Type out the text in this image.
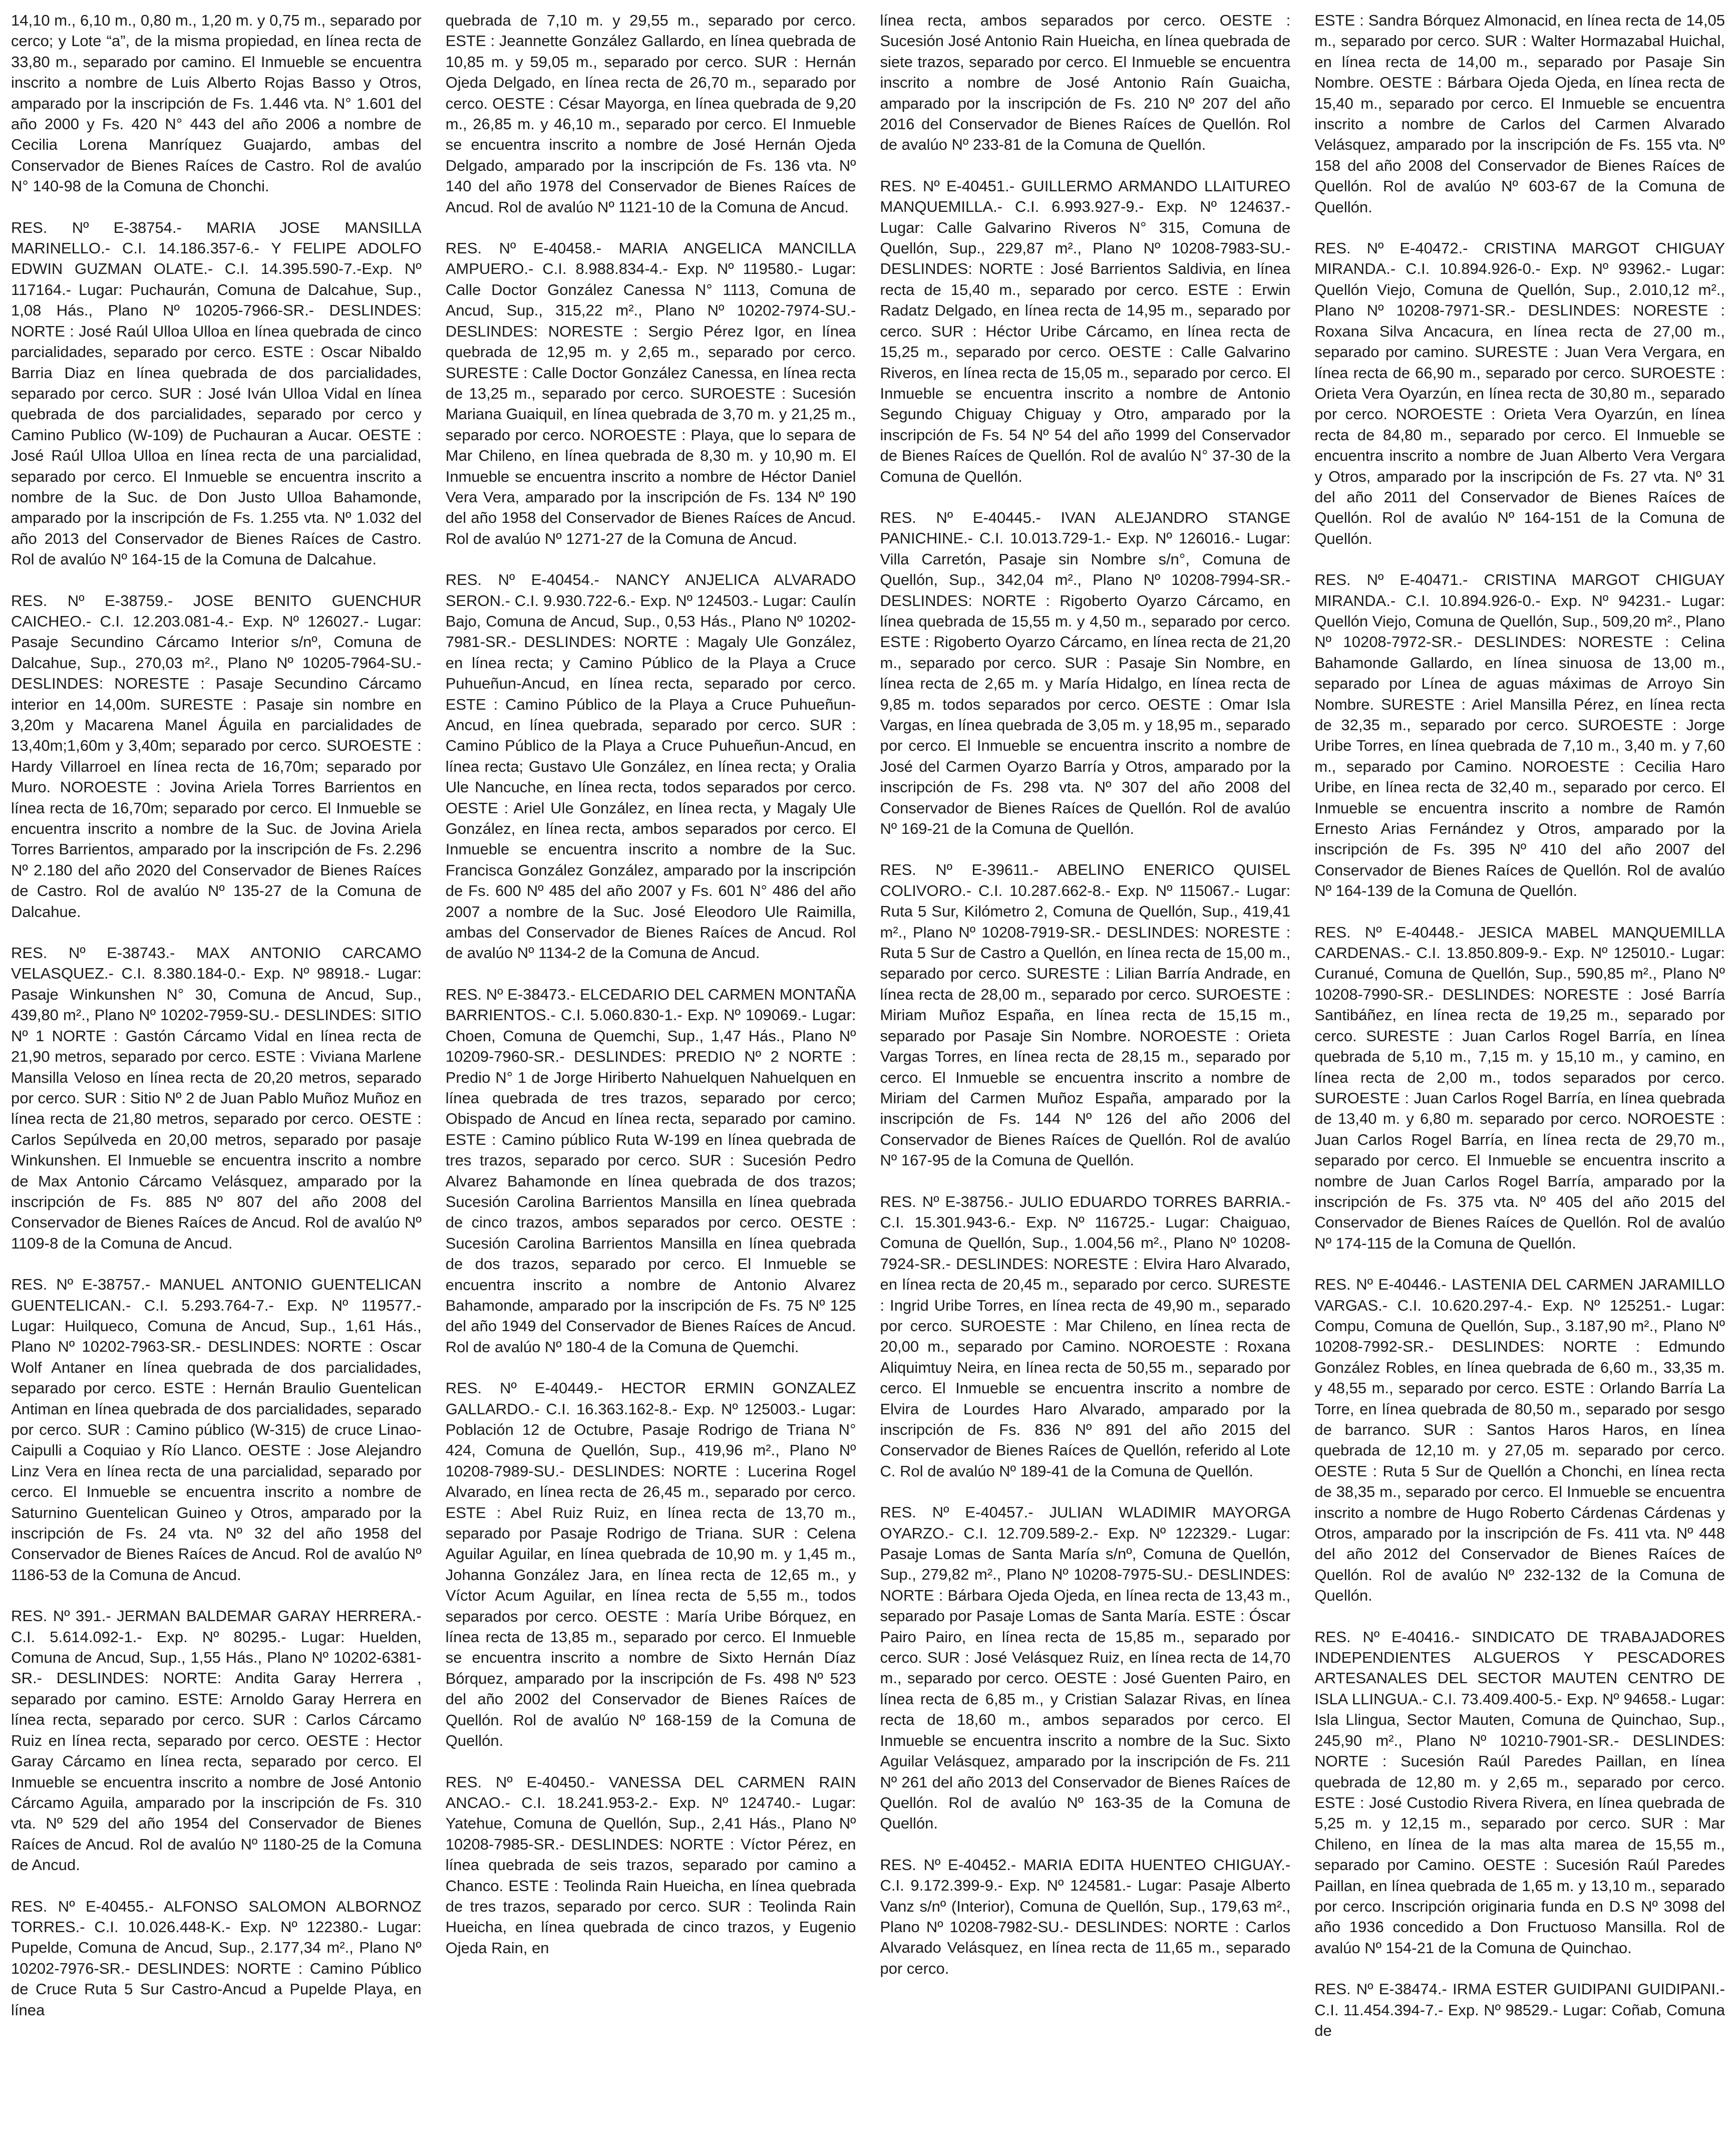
14,10 m., 6,10 m., 0,80 m., 1,20 m. y 0,75 m., separado por cerco; y Lote “a”, de la misma propiedad, en línea recta de 33,80 m., separado por camino. El Inmueble se encuentra inscrito a nombre de Luis Alberto Rojas Basso y Otros, amparado por la inscripción de Fs. 1.446 vta. N° 1.601 del año 2000 y Fs. 420 N° 443 del año 2006 a nombre de Cecilia Lorena Manríquez Guajardo, ambas del Conservador de Bienes Raíces de Castro. Rol de avalúo N° 140-98 de la Comuna de Chonchi.

RES. Nº E-38754.- MARIA JOSE MANSILLA MARINELLO.- C.I. 14.186.357-6.- Y FELIPE ADOLFO EDWIN GUZMAN OLATE.- C.I. 14.395.590-7.-Exp. Nº 117164.- Lugar: Puchaurán, Comuna de Dalcahue, Sup., 1,08 Hás., Plano Nº 10205-7966-SR.- DESLINDES: NORTE : José Raúl Ulloa Ulloa en línea quebrada de cinco parcialidades, separado por cerco. ESTE : Oscar Nibaldo Barria Diaz en línea quebrada de dos parcialidades, separado por cerco. SUR : José Iván Ulloa Vidal en línea quebrada de dos parcialidades, separado por cerco y Camino Publico (W-109) de Puchauran a Aucar. OESTE : José Raúl Ulloa Ulloa en línea recta de una parcialidad, separado por cerco. El Inmueble se encuentra inscrito a nombre de la Suc. de Don Justo Ulloa Bahamonde, amparado por la inscripción de Fs. 1.255 vta. Nº 1.032 del año 2013 del Conservador de Bienes Raíces de Castro. Rol de avalúo Nº 164-15 de la Comuna de Dalcahue.

RES. Nº E-38759.- JOSE BENITO GUENCHUR CAICHEO.- C.I. 12.203.081-4.- Exp. Nº 126027.- Lugar: Pasaje Secundino Cárcamo Interior s/nº, Comuna de Dalcahue, Sup., 270,03 m²., Plano Nº 10205-7964-SU.- DESLINDES: NORESTE : Pasaje Secundino Cárcamo interior en 14,00m. SURESTE : Pasaje sin nombre en 3,20m y Macarena Manel Águila en parcialidades de 13,40m;1,60m y 3,40m; separado por cerco. SUROESTE : Hardy Villarroel en línea recta de 16,70m; separado por Muro. NOROESTE : Jovina Ariela Torres Barrientos en línea recta de 16,70m; separado por cerco. El Inmueble se encuentra inscrito a nombre de la Suc. de Jovina Ariela Torres Barrientos, amparado por la inscripción de Fs. 2.296 Nº 2.180 del año 2020 del Conservador de Bienes Raíces de Castro. Rol de avalúo Nº 135-27 de la Comuna de Dalcahue.

RES. Nº E-38743.- MAX ANTONIO CARCAMO VELASQUEZ.- C.I. 8.380.184-0.- Exp. Nº 98918.- Lugar: Pasaje Winkunshen N° 30, Comuna de Ancud, Sup., 439,80 m²., Plano Nº 10202-7959-SU.- DESLINDES: SITIO Nº 1 NORTE : Gastón Cárcamo Vidal en línea recta de 21,90 metros, separado por cerco. ESTE : Viviana Marlene Mansilla Veloso en línea recta de 20,20 metros, separado por cerco. SUR : Sitio Nº 2 de Juan Pablo Muñoz Muñoz en línea recta de 21,80 metros, separado por cerco. OESTE : Carlos Sepúlveda en 20,00 metros, separado por pasaje Winkunshen. El Inmueble se encuentra inscrito a nombre de Max Antonio Cárcamo Velásquez, amparado por la inscripción de Fs. 885 Nº 807 del año 2008 del Conservador de Bienes Raíces de Ancud. Rol de avalúo Nº 1109-8 de la Comuna de Ancud.

RES. Nº E-38757.- MANUEL ANTONIO GUENTELICAN GUENTELICAN.- C.I. 5.293.764-7.- Exp. Nº 119577.- Lugar: Huilqueco, Comuna de Ancud, Sup., 1,61 Hás., Plano Nº 10202-7963-SR.- DESLINDES: NORTE : Oscar Wolf Antaner en línea quebrada de dos parcialidades, separado por cerco. ESTE : Hernán Braulio Guentelican Antiman en línea quebrada de dos parcialidades, separado por cerco. SUR : Camino público (W-315) de cruce Linao-Caipulli a Coquiao y Río Llanco. OESTE : Jose Alejandro Linz Vera en línea recta de una parcialidad, separado por cerco. El Inmueble se encuentra inscrito a nombre de Saturnino Guentelican Guineo y Otros, amparado por la inscripción de Fs. 24 vta. Nº 32 del año 1958 del Conservador de Bienes Raíces de Ancud. Rol de avalúo Nº 1186-53 de la Comuna de Ancud.

RES. Nº 391.- JERMAN BALDEMAR GARAY HERRERA.- C.I. 5.614.092-1.- Exp. Nº 80295.- Lugar: Huelden, Comuna de Ancud, Sup., 1,55 Hás., Plano Nº 10202-6381-SR.- DESLINDES: NORTE: Andita Garay Herrera , separado por camino. ESTE: Arnoldo Garay Herrera en línea recta, separado por cerco. SUR : Carlos Cárcamo Ruiz en línea recta, separado por cerco. OESTE : Hector Garay Cárcamo en línea recta, separado por cerco. El Inmueble se encuentra inscrito a nombre de José Antonio Cárcamo Aguila, amparado por la inscripción de Fs. 310 vta. Nº 529 del año 1954 del Conservador de Bienes Raíces de Ancud. Rol de avalúo Nº 1180-25 de la Comuna de Ancud.

RES. Nº E-40455.- ALFONSO SALOMON ALBORNOZ TORRES.- C.I. 10.026.448-K.- Exp. Nº 122380.- Lugar: Pupelde, Comuna de Ancud, Sup., 2.177,34 m²., Plano Nº 10202-7976-SR.- DESLINDES: NORTE : Camino Público de Cruce Ruta 5 Sur Castro-Ancud a Pupelde Playa, en línea

quebrada de 7,10 m. y 29,55 m., separado por cerco. ESTE : Jeannette González Gallardo, en línea quebrada de 10,85 m. y 59,05 m., separado por cerco. SUR : Hernán Ojeda Delgado, en línea recta de 26,70 m., separado por cerco. OESTE : César Mayorga, en línea quebrada de 9,20 m., 26,85 m. y 46,10 m., separado por cerco. El Inmueble se encuentra inscrito a nombre de José Hernán Ojeda Delgado, amparado por la inscripción de Fs. 136 vta. Nº 140 del año 1978 del Conservador de Bienes Raíces de Ancud. Rol de avalúo Nº 1121-10 de la Comuna de Ancud.

RES. Nº E-40458.- MARIA ANGELICA MANCILLA AMPUERO.- C.I. 8.988.834-4.- Exp. Nº 119580.- Lugar: Calle Doctor González Canessa N° 1113, Comuna de Ancud, Sup., 315,22 m²., Plano Nº 10202-7974-SU.- DESLINDES: NORESTE : Sergio Pérez Igor, en línea quebrada de 12,95 m. y 2,65 m., separado por cerco. SURESTE : Calle Doctor González Canessa, en línea recta de 13,25 m., separado por cerco. SUROESTE : Sucesión Mariana Guaiquil, en línea quebrada de 3,70 m. y 21,25 m., separado por cerco. NOROESTE : Playa, que lo separa de Mar Chileno, en línea quebrada de 8,30 m. y 10,90 m. El Inmueble se encuentra inscrito a nombre de Héctor Daniel Vera Vera, amparado por la inscripción de Fs. 134 Nº 190 del año 1958 del Conservador de Bienes Raíces de Ancud. Rol de avalúo Nº 1271-27 de la Comuna de Ancud.

RES. Nº E-40454.- NANCY ANJELICA ALVARADO SERON.- C.I. 9.930.722-6.- Exp. Nº 124503.- Lugar: Caulín Bajo, Comuna de Ancud, Sup., 0,53 Hás., Plano Nº 10202-7981-SR.- DESLINDES: NORTE : Magaly Ule González, en línea recta; y Camino Público de la Playa a Cruce Puhueñun-Ancud, en línea recta, separado por cerco. ESTE : Camino Público de la Playa a Cruce Puhueñun-Ancud, en línea quebrada, separado por cerco. SUR : Camino Público de la Playa a Cruce Puhueñun-Ancud, en línea recta; Gustavo Ule González, en línea recta; y Oralia Ule Nancuche, en línea recta, todos separados por cerco. OESTE : Ariel Ule González, en línea recta, y Magaly Ule González, en línea recta, ambos separados por cerco. El Inmueble se encuentra inscrito a nombre de la Suc. Francisca González González, amparado por la inscripción de Fs. 600 Nº 485 del año 2007 y Fs. 601 N° 486 del año 2007 a nombre de la Suc. José Eleodoro Ule Raimilla, ambas del Conservador de Bienes Raíces de Ancud. Rol de avalúo Nº 1134-2 de la Comuna de Ancud.

RES. Nº E-38473.- ELCEDARIO DEL CARMEN MONTAÑA BARRIENTOS.- C.I. 5.060.830-1.- Exp. Nº 109069.- Lugar: Choen, Comuna de Quemchi, Sup., 1,47 Hás., Plano Nº 10209-7960-SR.- DESLINDES: PREDIO Nº 2 NORTE : Predio N° 1 de Jorge Hiriberto Nahuelquen Nahuelquen en línea quebrada de tres trazos, separado por cerco; Obispado de Ancud en línea recta, separado por camino. ESTE : Camino público Ruta W-199 en línea quebrada de tres trazos, separado por cerco. SUR : Sucesión Pedro Alvarez Bahamonde en línea quebrada de dos trazos; Sucesión Carolina Barrientos Mansilla en línea quebrada de cinco trazos, ambos separados por cerco. OESTE : Sucesión Carolina Barrientos Mansilla en línea quebrada de dos trazos, separado por cerco. El Inmueble se encuentra inscrito a nombre de Antonio Alvarez Bahamonde, amparado por la inscripción de Fs. 75 Nº 125 del año 1949 del Conservador de Bienes Raíces de Ancud. Rol de avalúo Nº 180-4 de la Comuna de Quemchi.

RES. Nº E-40449.- HECTOR ERMIN GONZALEZ GALLARDO.- C.I. 16.363.162-8.- Exp. Nº 125003.- Lugar: Población 12 de Octubre, Pasaje Rodrigo de Triana N° 424, Comuna de Quellón, Sup., 419,96 m²., Plano Nº 10208-7989-SU.- DESLINDES: NORTE : Lucerina Rogel Alvarado, en línea recta de 26,45 m., separado por cerco. ESTE : Abel Ruiz Ruiz, en línea recta de 13,70 m., separado por Pasaje Rodrigo de Triana. SUR : Celena Aguilar Aguilar, en línea quebrada de 10,90 m. y 1,45 m., Johanna González Jara, en línea recta de 12,65 m., y Víctor Acum Aguilar, en línea recta de 5,55 m., todos separados por cerco. OESTE : María Uribe Bórquez, en línea recta de 13,85 m., separado por cerco. El Inmueble se encuentra inscrito a nombre de Sixto Hernán Díaz Bórquez, amparado por la inscripción de Fs. 498 Nº 523 del año 2002 del Conservador de Bienes Raíces de Quellón. Rol de avalúo Nº 168-159 de la Comuna de Quellón.

RES. Nº E-40450.- VANESSA DEL CARMEN RAIN ANCAO.- C.I. 18.241.953-2.- Exp. Nº 124740.- Lugar: Yatehue, Comuna de Quellón, Sup., 2,41 Hás., Plano Nº 10208-7985-SR.- DESLINDES: NORTE : Víctor Pérez, en línea quebrada de seis trazos, separado por camino a Chanco. ESTE : Teolinda Rain Hueicha, en línea quebrada de tres trazos, separado por cerco. SUR : Teolinda Rain Hueicha, en línea quebrada de cinco trazos, y Eugenio Ojeda Rain, en

línea recta, ambos separados por cerco. OESTE : Sucesión José Antonio Rain Hueicha, en línea quebrada de siete trazos, separado por cerco. El Inmueble se encuentra inscrito a nombre de José Antonio Raín Guaicha, amparado por la inscripción de Fs. 210 Nº 207 del año 2016 del Conservador de Bienes Raíces de Quellón. Rol de avalúo Nº 233-81 de la Comuna de Quellón.

RES. Nº E-40451.- GUILLERMO ARMANDO LLAITUREO MANQUEMILLA.- C.I. 6.993.927-9.- Exp. Nº 124637.- Lugar: Calle Galvarino Riveros N° 315, Comuna de Quellón, Sup., 229,87 m²., Plano Nº 10208-7983-SU.- DESLINDES: NORTE : José Barrientos Saldivia, en línea recta de 15,40 m., separado por cerco. ESTE : Erwin Radatz Delgado, en línea recta de 14,95 m., separado por cerco. SUR : Héctor Uribe Cárcamo, en línea recta de 15,25 m., separado por cerco. OESTE : Calle Galvarino Riveros, en línea recta de 15,05 m., separado por cerco. El Inmueble se encuentra inscrito a nombre de Antonio Segundo Chiguay Chiguay y Otro, amparado por la inscripción de Fs. 54 Nº 54 del año 1999 del Conservador de Bienes Raíces de Quellón. Rol de avalúo N° 37-30 de la Comuna de Quellón.

RES. Nº E-40445.- IVAN ALEJANDRO STANGE PANICHINE.- C.I. 10.013.729-1.- Exp. Nº 126016.- Lugar: Villa Carretón, Pasaje sin Nombre s/n°, Comuna de Quellón, Sup., 342,04 m²., Plano Nº 10208-7994-SR.- DESLINDES: NORTE : Rigoberto Oyarzo Cárcamo, en línea quebrada de 15,55 m. y 4,50 m., separado por cerco. ESTE : Rigoberto Oyarzo Cárcamo, en línea recta de 21,20 m., separado por cerco. SUR : Pasaje Sin Nombre, en línea recta de 2,65 m. y María Hidalgo, en línea recta de 9,85 m. todos separados por cerco. OESTE : Omar Isla Vargas, en línea quebrada de 3,05 m. y 18,95 m., separado por cerco. El Inmueble se encuentra inscrito a nombre de José del Carmen Oyarzo Barría y Otros, amparado por la inscripción de Fs. 298 vta. Nº 307 del año 2008 del Conservador de Bienes Raíces de Quellón. Rol de avalúo Nº 169-21 de la Comuna de Quellón.

RES. Nº E-39611.- ABELINO ENERICO QUISEL COLIVORO.- C.I. 10.287.662-8.- Exp. Nº 115067.- Lugar: Ruta 5 Sur, Kilómetro 2, Comuna de Quellón, Sup., 419,41 m²., Plano Nº 10208-7919-SR.- DESLINDES: NORESTE : Ruta 5 Sur de Castro a Quellón, en línea recta de 15,00 m., separado por cerco. SURESTE : Lilian Barría Andrade, en línea recta de 28,00 m., separado por cerco. SUROESTE : Miriam Muñoz España, en línea recta de 15,15 m., separado por Pasaje Sin Nombre. NOROESTE : Orieta Vargas Torres, en línea recta de 28,15 m., separado por cerco. El Inmueble se encuentra inscrito a nombre de Miriam del Carmen Muñoz España, amparado por la inscripción de Fs. 144 Nº 126 del año 2006 del Conservador de Bienes Raíces de Quellón. Rol de avalúo Nº 167-95 de la Comuna de Quellón.

RES. Nº E-38756.- JULIO EDUARDO TORRES BARRIA.- C.I. 15.301.943-6.- Exp. Nº 116725.- Lugar: Chaiguao, Comuna de Quellón, Sup., 1.004,56 m²., Plano Nº 10208-7924-SR.- DESLINDES: NORESTE : Elvira Haro Alvarado, en línea recta de 20,45 m., separado por cerco. SURESTE : Ingrid Uribe Torres, en línea recta de 49,90 m., separado por cerco. SUROESTE : Mar Chileno, en línea recta de 20,00 m., separado por Camino. NOROESTE : Roxana Aliquimtuy Neira, en línea recta de 50,55 m., separado por cerco. El Inmueble se encuentra inscrito a nombre de Elvira de Lourdes Haro Alvarado, amparado por la inscripción de Fs. 836 Nº 891 del año 2015 del Conservador de Bienes Raíces de Quellón, referido al Lote C. Rol de avalúo Nº 189-41 de la Comuna de Quellón.

RES. Nº E-40457.- JULIAN WLADIMIR MAYORGA OYARZO.- C.I. 12.709.589-2.- Exp. Nº 122329.- Lugar: Pasaje Lomas de Santa María s/nº, Comuna de Quellón, Sup., 279,82 m²., Plano Nº 10208-7975-SU.- DESLINDES: NORTE : Bárbara Ojeda Ojeda, en línea recta de 13,43 m., separado por Pasaje Lomas de Santa María. ESTE : Óscar Pairo Pairo, en línea recta de 15,85 m., separado por cerco. SUR : José Velásquez Ruiz, en línea recta de 14,70 m., separado por cerco. OESTE : José Guenten Pairo, en línea recta de 6,85 m., y Cristian Salazar Rivas, en línea recta de 18,60 m., ambos separados por cerco. El Inmueble se encuentra inscrito a nombre de la Suc. Sixto Aguilar Velásquez, amparado por la inscripción de Fs. 211 Nº 261 del año 2013 del Conservador de Bienes Raíces de Quellón. Rol de avalúo Nº 163-35 de la Comuna de Quellón.

RES. Nº E-40452.- MARIA EDITA HUENTEO CHIGUAY.- C.I. 9.172.399-9.- Exp. Nº 124581.- Lugar: Pasaje Alberto Vanz s/nº (Interior), Comuna de Quellón, Sup., 179,63 m²., Plano Nº 10208-7982-SU.- DESLINDES: NORTE : Carlos Alvarado Velásquez, en línea recta de 11,65 m., separado por cerco.

ESTE : Sandra Bórquez Almonacid, en línea recta de 14,05 m., separado por cerco. SUR : Walter Hormazabal Huichal, en línea recta de 14,00 m., separado por Pasaje Sin Nombre. OESTE : Bárbara Ojeda Ojeda, en línea recta de 15,40 m., separado por cerco. El Inmueble se encuentra inscrito a nombre de Carlos del Carmen Alvarado Velásquez, amparado por la inscripción de Fs. 155 vta. Nº 158 del año 2008 del Conservador de Bienes Raíces de Quellón. Rol de avalúo Nº 603-67 de la Comuna de Quellón.

RES. Nº E-40472.- CRISTINA MARGOT CHIGUAY MIRANDA.- C.I. 10.894.926-0.- Exp. Nº 93962.- Lugar: Quellón Viejo, Comuna de Quellón, Sup., 2.010,12 m²., Plano Nº 10208-7971-SR.- DESLINDES: NORESTE : Roxana Silva Ancacura, en línea recta de 27,00 m., separado por camino. SURESTE : Juan Vera Vergara, en línea recta de 66,90 m., separado por cerco. SUROESTE : Orieta Vera Oyarzún, en línea recta de 30,80 m., separado por cerco. NOROESTE : Orieta Vera Oyarzún, en línea recta de 84,80 m., separado por cerco. El Inmueble se encuentra inscrito a nombre de Juan Alberto Vera Vergara y Otros, amparado por la inscripción de Fs. 27 vta. Nº 31 del año 2011 del Conservador de Bienes Raíces de Quellón. Rol de avalúo Nº 164-151 de la Comuna de Quellón.

RES. Nº E-40471.- CRISTINA MARGOT CHIGUAY MIRANDA.- C.I. 10.894.926-0.- Exp. Nº 94231.- Lugar: Quellón Viejo, Comuna de Quellón, Sup., 509,20 m²., Plano Nº 10208-7972-SR.- DESLINDES: NORESTE : Celina Bahamonde Gallardo, en línea sinuosa de 13,00 m., separado por Línea de aguas máximas de Arroyo Sin Nombre. SURESTE : Ariel Mansilla Pérez, en línea recta de 32,35 m., separado por cerco. SUROESTE : Jorge Uribe Torres, en línea quebrada de 7,10 m., 3,40 m. y 7,60 m., separado por Camino. NOROESTE : Cecilia Haro Uribe, en línea recta de 32,40 m., separado por cerco. El Inmueble se encuentra inscrito a nombre de Ramón Ernesto Arias Fernández y Otros, amparado por la inscripción de Fs. 395 Nº 410 del año 2007 del Conservador de Bienes Raíces de Quellón. Rol de avalúo Nº 164-139 de la Comuna de Quellón.

RES. Nº E-40448.- JESICA MABEL MANQUEMILLA CARDENAS.- C.I. 13.850.809-9.- Exp. Nº 125010.- Lugar: Curanué, Comuna de Quellón, Sup., 590,85 m²., Plano Nº 10208-7990-SR.- DESLINDES: NORESTE : José Barría Santibáñez, en línea recta de 19,25 m., separado por cerco. SURESTE : Juan Carlos Rogel Barría, en línea quebrada de 5,10 m., 7,15 m. y 15,10 m., y camino, en línea recta de 2,00 m., todos separados por cerco. SUROESTE : Juan Carlos Rogel Barría, en línea quebrada de 13,40 m. y 6,80 m. separado por cerco. NOROESTE : Juan Carlos Rogel Barría, en línea recta de 29,70 m., separado por cerco. El Inmueble se encuentra inscrito a nombre de Juan Carlos Rogel Barría, amparado por la inscripción de Fs. 375 vta. Nº 405 del año 2015 del Conservador de Bienes Raíces de Quellón. Rol de avalúo Nº 174-115 de la Comuna de Quellón.

RES. Nº E-40446.- LASTENIA DEL CARMEN JARAMILLO VARGAS.- C.I. 10.620.297-4.- Exp. Nº 125251.- Lugar: Compu, Comuna de Quellón, Sup., 3.187,90 m²., Plano Nº 10208-7992-SR.- DESLINDES: NORTE : Edmundo González Robles, en línea quebrada de 6,60 m., 33,35 m. y 48,55 m., separado por cerco. ESTE : Orlando Barría La Torre, en línea quebrada de 80,50 m., separado por sesgo de barranco. SUR : Santos Haros Haros, en línea quebrada de 12,10 m. y 27,05 m. separado por cerco. OESTE : Ruta 5 Sur de Quellón a Chonchi, en línea recta de 38,35 m., separado por cerco. El Inmueble se encuentra inscrito a nombre de Hugo Roberto Cárdenas Cárdenas y Otros, amparado por la inscripción de Fs. 411 vta. Nº 448 del año 2012 del Conservador de Bienes Raíces de Quellón. Rol de avalúo Nº 232-132 de la Comuna de Quellón.

RES. Nº E-40416.- SINDICATO DE TRABAJADORES INDEPENDIENTES ALGUEROS Y PESCADORES ARTESANALES DEL SECTOR MAUTEN CENTRO DE ISLA LLINGUA.- C.I. 73.409.400-5.- Exp. Nº 94658.- Lugar: Isla Llingua, Sector Mauten, Comuna de Quinchao, Sup., 245,90 m²., Plano Nº 10210-7901-SR.- DESLINDES: NORTE : Sucesión Raúl Paredes Paillan, en línea quebrada de 12,80 m. y 2,65 m., separado por cerco. ESTE : José Custodio Rivera Rivera, en línea quebrada de 5,25 m. y 12,15 m., separado por cerco. SUR : Mar Chileno, en línea de la mas alta marea de 15,55 m., separado por Camino. OESTE : Sucesión Raúl Paredes Paillan, en línea quebrada de 1,65 m. y 13,10 m., separado por cerco. Inscripción originaria funda en D.S Nº 3098 del año 1936 concedido a Don Fructuoso Mansilla. Rol de avalúo Nº 154-21 de la Comuna de Quinchao.

RES. Nº E-38474.- IRMA ESTER GUIDIPANI GUIDIPANI.- C.I. 11.454.394-7.- Exp. Nº 98529.- Lugar: Coñab, Comuna de
